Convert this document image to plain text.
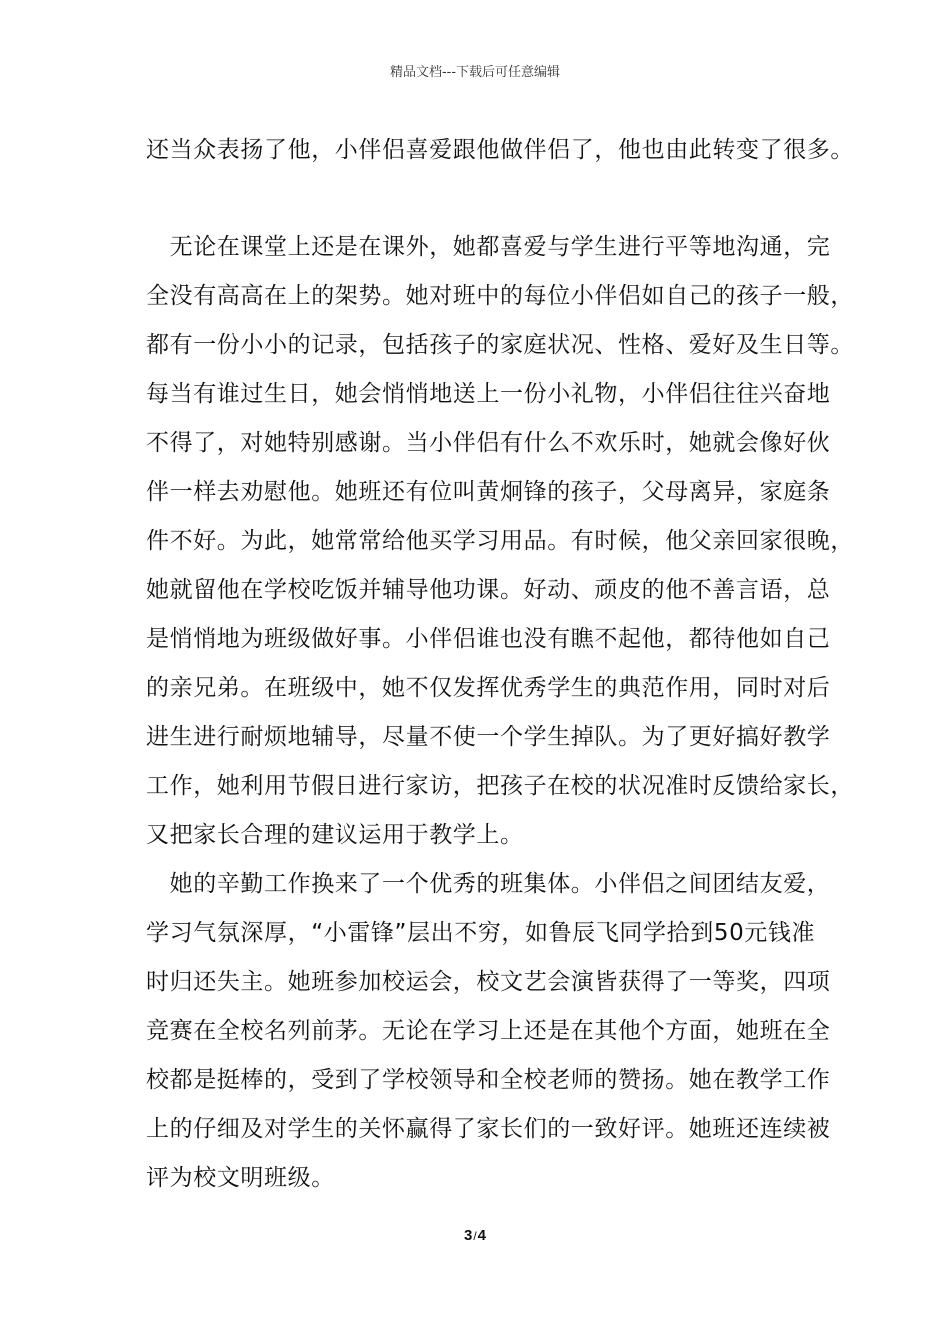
精品文档---下载后可任意编辑
还当众表扬了他，小伴侣喜爱跟他做伴侣了，他也由此转变了很多。
　无论在课堂上还是在课外，她都喜爱与学生进行平等地沟通，完
全没有高高在上的架势。她对班中的每位小伴侣如自己的孩子一般，
都有一份小小的记录，包括孩子的家庭状况、性格、爱好及生日等。
每当有谁过生日，她会悄悄地送上一份小礼物，小伴侣往往兴奋地
不得了，对她特别感谢。当小伴侣有什么不欢乐时，她就会像好伙
伴一样去劝慰他。她班还有位叫黄炯锋的孩子，父母离异，家庭条
件不好。为此，她常常给他买学习用品。有时候，他父亲回家很晚，
她就留他在学校吃饭并辅导他功课。好动、顽皮的他不善言语，总
是悄悄地为班级做好事。小伴侣谁也没有瞧不起他，都待他如自己
的亲兄弟。在班级中，她不仅发挥优秀学生的典范作用，同时对后
进生进行耐烦地辅导，尽量不使一个学生掉队。为了更好搞好教学
工作，她利用节假日进行家访，把孩子在校的状况准时反馈给家长，
又把家长合理的建议运用于教学上。
　她的辛勤工作换来了一个优秀的班集体。小伴侣之间团结友爱，
学习气氛深厚，“小雷锋”层出不穷，如鲁辰飞同学拾到50元钱准
时归还失主。她班参加校运会，校文艺会演皆获得了一等奖，四项
竞赛在全校名列前茅。无论在学习上还是在其他个方面，她班在全
校都是挺棒的，受到了学校领导和全校老师的赞扬。她在教学工作
上的仔细及对学生的关怀赢得了家长们的一致好评。她班还连续被
评为校文明班级。
3/4
